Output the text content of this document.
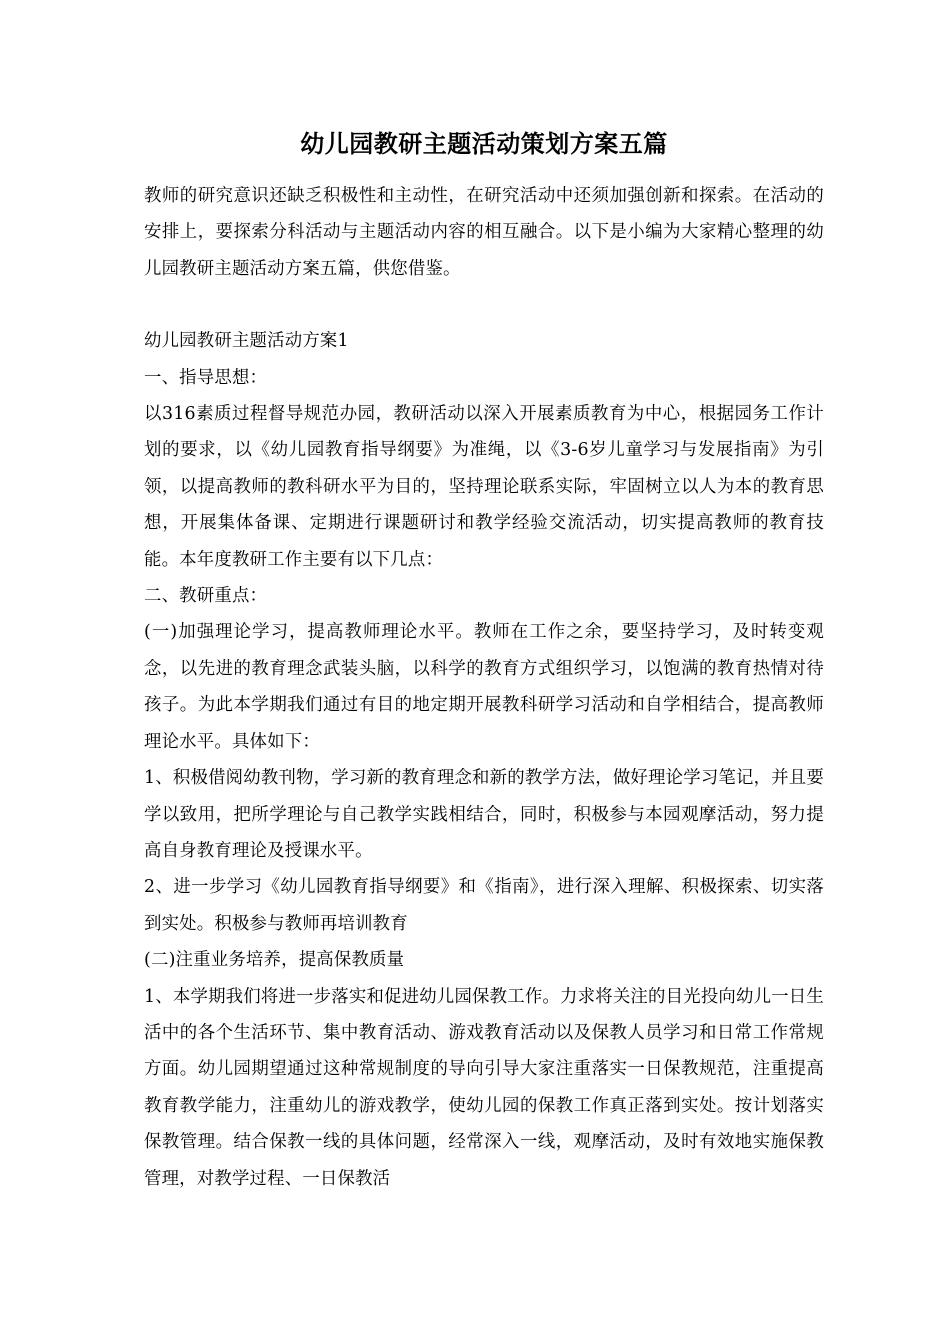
幼儿园教研主题活动策划方案五篇

教师的研究意识还缺乏积极性和主动性，在研究活动中还须加强创新和探索。在活动的安排上，要探索分科活动与主题活动内容的相互融合。以下是小编为大家精心整理的幼儿园教研主题活动方案五篇，供您借鉴。

幼儿园教研主题活动方案1

一、指导思想：

以316素质过程督导规范办园，教研活动以深入开展素质教育为中心，根据园务工作计划的要求，以《幼儿园教育指导纲要》为准绳，以《3-6岁儿童学习与发展指南》为引领，以提高教师的教科研水平为目的，坚持理论联系实际，牢固树立以人为本的教育思想，开展集体备课、定期进行课题研讨和教学经验交流活动，切实提高教师的教育技能。本年度教研工作主要有以下几点：

二、教研重点：

(一)加强理论学习，提高教师理论水平。教师在工作之余，要坚持学习，及时转变观念，以先进的教育理念武装头脑，以科学的教育方式组织学习，以饱满的教育热情对待孩子。为此本学期我们通过有目的地定期开展教科研学习活动和自学相结合，提高教师理论水平。具体如下：

1、积极借阅幼教刊物，学习新的教育理念和新的教学方法，做好理论学习笔记，并且要学以致用，把所学理论与自己教学实践相结合，同时，积极参与本园观摩活动，努力提高自身教育理论及授课水平。

2、进一步学习《幼儿园教育指导纲要》和《指南》，进行深入理解、积极探索、切实落到实处。积极参与教师再培训教育

(二)注重业务培养，提高保教质量

1、本学期我们将进一步落实和促进幼儿园保教工作。力求将关注的目光投向幼儿一日生活中的各个生活环节、集中教育活动、游戏教育活动以及保教人员学习和日常工作常规方面。幼儿园期望通过这种常规制度的导向引导大家注重落实一日保教规范，注重提高教育教学能力，注重幼儿的游戏教学，使幼儿园的保教工作真正落到实处。按计划落实保教管理。结合保教一线的具体问题，经常深入一线，观摩活动，及时有效地实施保教管理，对教学过程、一日保教活
